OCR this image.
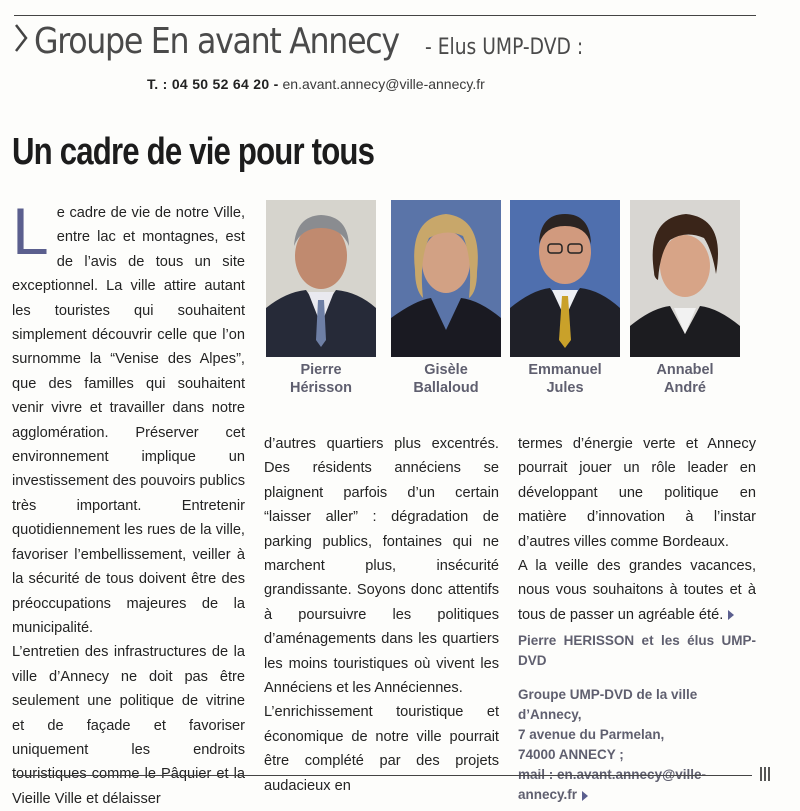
Groupe En avant Annecy - Elus UMP-DVD :
T. : 04 50 52 64 20 - en.avant.annecy@ville-annecy.fr
Un cadre de vie pour tous

L e cadre de vie de notre Ville, entre lac et montagnes, est de l’avis de tous un site exceptionnel. La ville attire autant les touristes qui souhaitent simplement découvrir celle que l’on surnomme la “Venise des Alpes”, que des familles qui souhaitent venir vivre et travailler dans notre agglomération. Préserver cet environnement implique un investissement des pouvoirs publics très important. Entretenir quotidiennement les rues de la ville, favoriser l’embellissement, veiller à la sécurité de tous doivent être des préoccupations majeures de la municipalité.

L’entretien des infrastructures de la ville d’Annecy ne doit pas être seulement une politique de vitrine et de façade et favoriser uniquement les endroits touristiques comme le Pâquier et la Vieille Ville et délaisser

Pierre
Hérisson
Gisèle
Ballaloud
Emmanuel
Jules
Annabel
André

d’autres quartiers plus excentrés. Des résidents annéciens se plaignent parfois d’un certain “laisser aller” : dégradation de parking publics, fontaines qui ne marchent plus, insécurité grandissante. Soyons donc attentifs à poursuivre les politiques d’aménagements dans les quartiers les moins touristiques où vivent les Annéciens et les Annéciennes.

L’enrichissement touristique et économique de notre ville pourrait être complété par des projets audacieux en

termes d’énergie verte et Annecy pourrait jouer un rôle leader en développant une politique en matière d’innovation à l’instar d’autres villes comme Bordeaux.

A la veille des grandes vacances, nous vous souhaitons à toutes et à tous de passer un agréable été.

Pierre HERISSON et les élus UMP-DVD
Groupe UMP-DVD de la ville d’Annecy,
7 avenue du Parmelan,
74000 ANNECY ;
mail : en.avant.annecy@ville-annecy.fr
